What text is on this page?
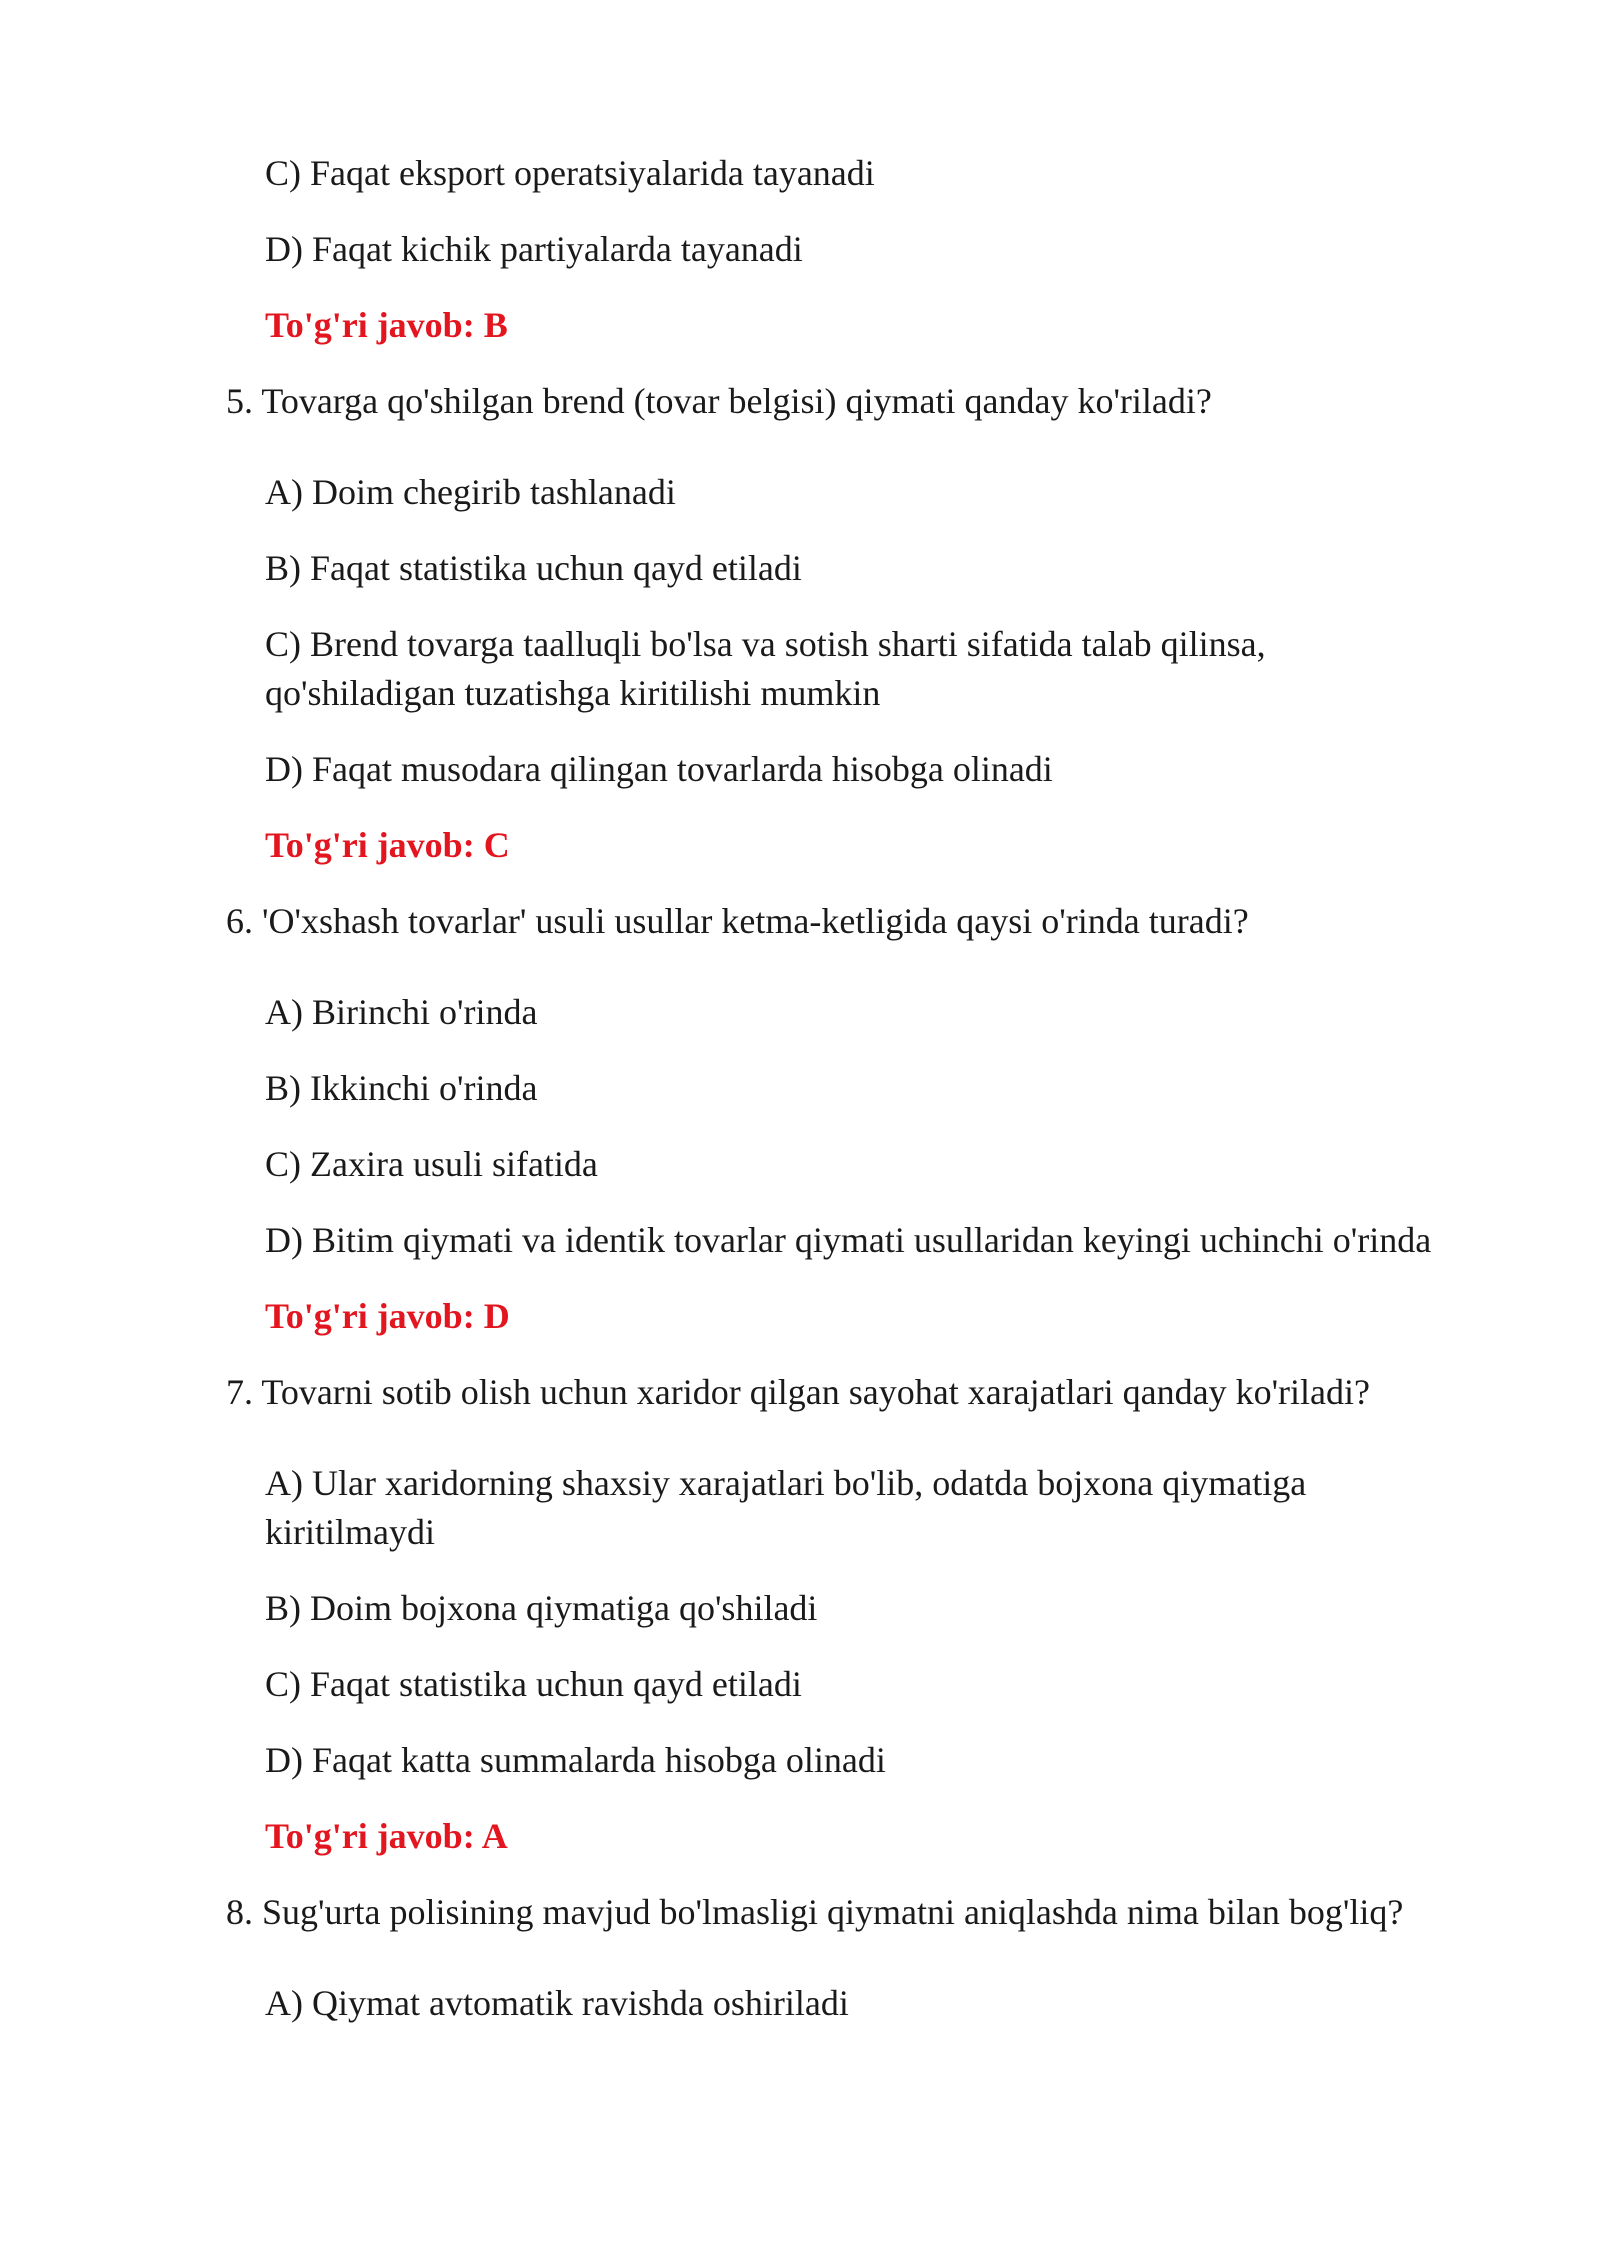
C) Faqat eksport operatsiyalarida tayanadi
D) Faqat kichik partiyalarda tayanadi
To'g'ri javob: B
5. Tovarga qo'shilgan brend (tovar belgisi) qiymati qanday ko'riladi?
A) Doim chegirib tashlanadi
B) Faqat statistika uchun qayd etiladi
C) Brend tovarga taalluqli bo'lsa va sotish sharti sifatida talab qilinsa,
qo'shiladigan tuzatishga kiritilishi mumkin
D) Faqat musodara qilingan tovarlarda hisobga olinadi
To'g'ri javob: C
6. 'O'xshash tovarlar' usuli usullar ketma-ketligida qaysi o'rinda turadi?
A) Birinchi o'rinda
B) Ikkinchi o'rinda
C) Zaxira usuli sifatida
D) Bitim qiymati va identik tovarlar qiymati usullaridan keyingi uchinchi o'rinda
To'g'ri javob: D
7. Tovarni sotib olish uchun xaridor qilgan sayohat xarajatlari qanday ko'riladi?
A) Ular xaridorning shaxsiy xarajatlari bo'lib, odatda bojxona qiymatiga
kiritilmaydi
B) Doim bojxona qiymatiga qo'shiladi
C) Faqat statistika uchun qayd etiladi
D) Faqat katta summalarda hisobga olinadi
To'g'ri javob: A
8. Sug'urta polisining mavjud bo'lmasligi qiymatni aniqlashda nima bilan bog'liq?
A) Qiymat avtomatik ravishda oshiriladi
